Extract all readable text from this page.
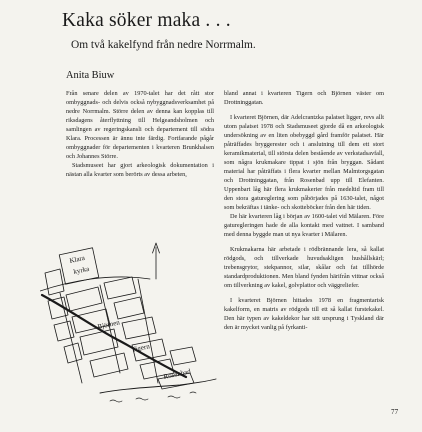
Kaka söker maka . . .

Om två kakelfynd från nedre Norrmalm.

Anita Biuw

Från senare delen av 1970-talet har det rått stor ombyggnads- och delvis också nybyggnadsverksamhet på nedre Norrmalm. Större delen av denna kan kopplas till riksdagens återflyttning till Helgeandsholmen och samlingen av regeringskansli och departement till södra Klara. Processen är ännu inte färdig. Fortfarande pågår ombyggnader för departementen i kvarteren Brunkhalsen och Johannes Större.

Stadsmuseet har gjort arkeologisk dokumentation i nästan alla kvarter som berörts av dessa arbeten,

bland annat i kvarteren Tigern och Björnen väster om Drottninggatan.

I kvarteret Björnen, där Adelcrantzka palatset ligger, revs allt utom palatset 1978 och Stadsmuseet gjorde då en arkeologisk undersökning av en liten obebyggd gård framför palatset. Här påträffades bryggerester och i anslutning till dem ett stort keramikmaterial, till största delen bestående av verkstadsavfall, som några krukmakare tippat i sjön från bryggan. Sådant material har påträffats i flera kvarter mellan Malmtorgsgatan och Drottninggatan, från Rosenbad upp till Elefanten. Uppenbart låg här flera krukmakerier från medeltid fram till den stora gatureglering som påbörjades på 1630-talet, något som bekräftas i tänke- och skotteböcker från den här tiden.

De här kvarteren låg i början av 1600-talet vid Mälaren. Före gaturegleringen hade de alla kontakt med vattnet. I samband med denna byggde man ut nya kvarter i Mälaren.

Krukmakarna här arbetade i rödbrännande lera, så kallat rödgods, och tillverkade huvudsakligen hushållskärl; trebensgrytor, stekpannor, silar, skålar och fat tillhörde standardproduktionen. Men bland fynden härifrån vittnar också om tillverkning av kakel, golvplattor och väggreliefer.

I kvarteret Björnen hittades 1978 en fragmentarisk kakelform, en matris av rödgods till ett så kallat furstekakel. Den här typen av kakeldekor har sitt ursprung i Tyskland där den är mycket vanlig på fyrkanti-

Klara
kyrka
Tigern
Björnen
Rosenbad
77
